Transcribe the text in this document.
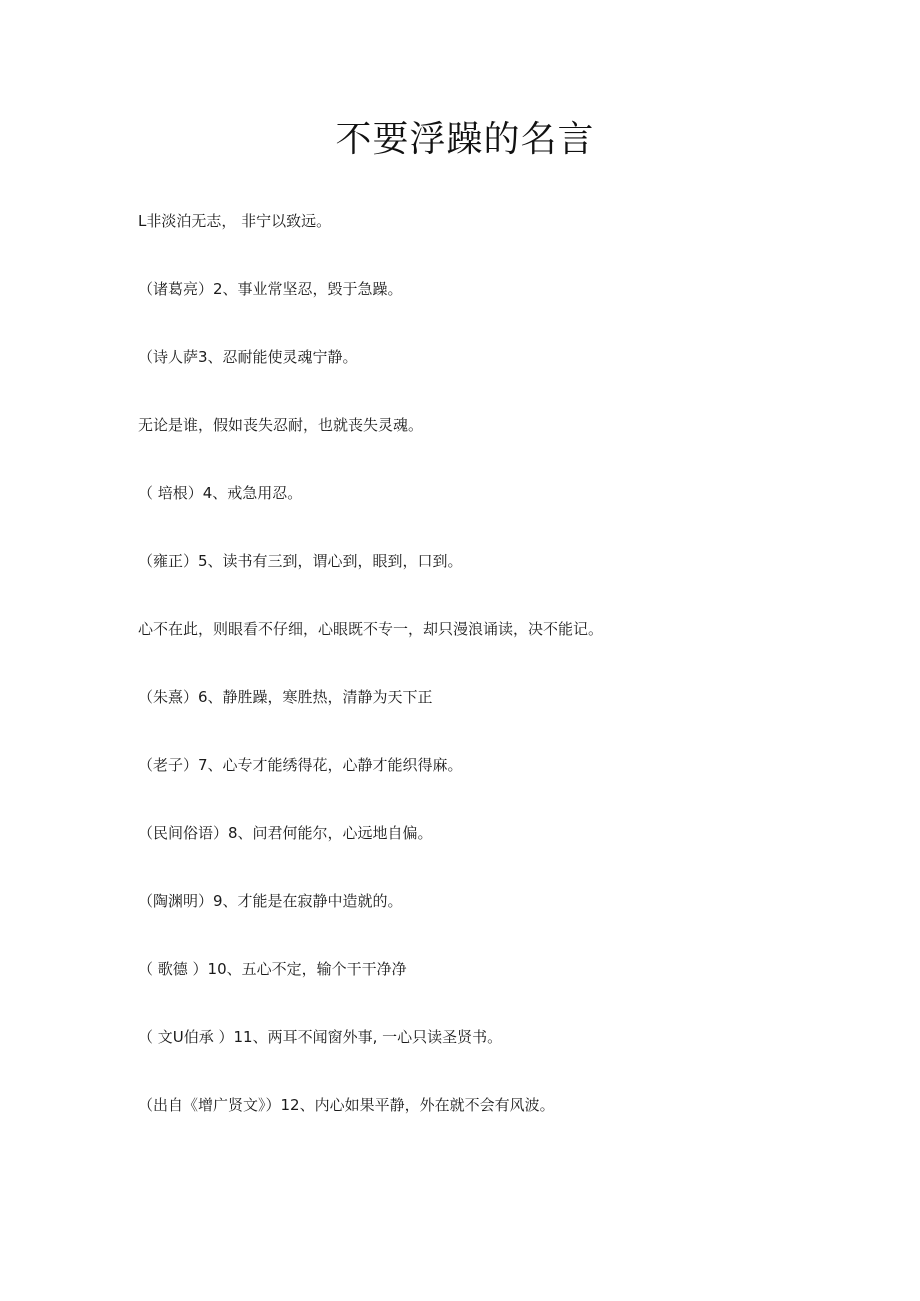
不要浮躁的名言
L非淡泊无志， 非宁以致远。
（诸葛亮）2、事业常坚忍，毁于急躁。
（诗人萨3、忍耐能使灵魂宁静。
无论是谁，假如丧失忍耐，也就丧失灵魂。
（ 培根）4、戒急用忍。
（雍正）5、读书有三到，谓心到，眼到，口到。
心不在此，则眼看不仔细，心眼既不专一，却只漫浪诵读，决不能记。
（朱熹）6、静胜躁，寒胜热，清静为天下正
（老子）7、心专才能绣得花，心静才能织得麻。
（民间俗语）8、问君何能尔，心远地自偏。
（陶渊明）9、才能是在寂静中造就的。
（ 歌德 ）10、五心不定，输个干干净净
（ 文U伯承 ）11、两耳不闻窗外事, 一心只读圣贤书。
（出自《增广贤文》）12、内心如果平静，外在就不会有风波。
